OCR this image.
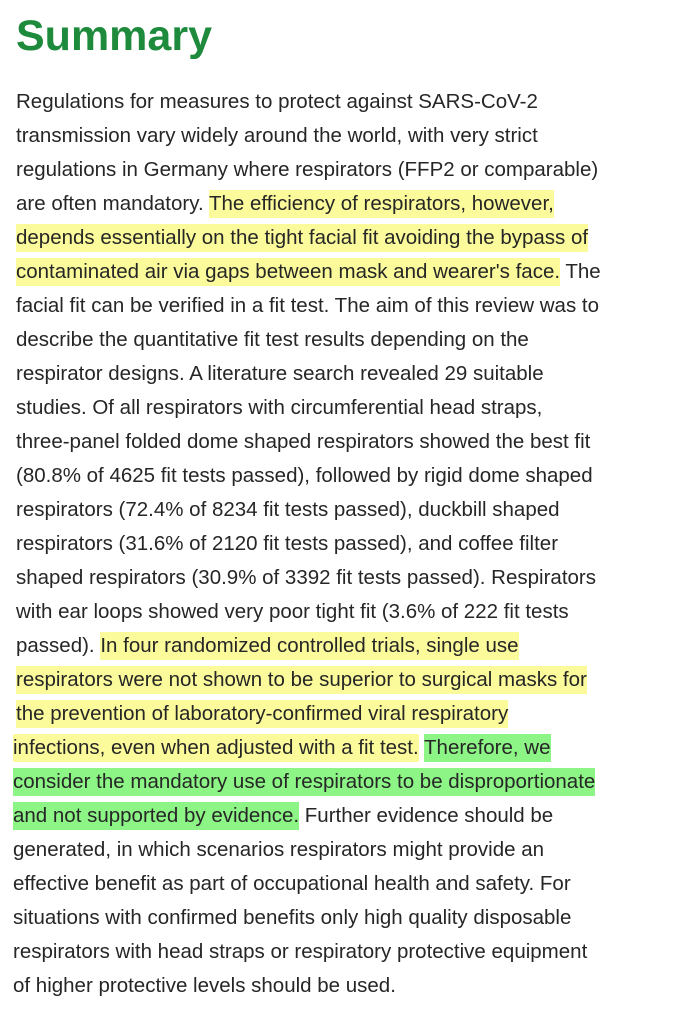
Summary

Regulations for measures to protect against SARS-CoV-2

transmission vary widely around the world, with very strict

regulations in Germany where respirators (FFP2 or comparable)

are often mandatory. The efficiency of respirators, however,

depends essentially on the tight facial fit avoiding the bypass of

contaminated air via gaps between mask and wearer's face. The

facial fit can be verified in a fit test. The aim of this review was to

describe the quantitative fit test results depending on the

respirator designs. A literature search revealed 29 suitable

studies. Of all respirators with circumferential head straps,

three-panel folded dome shaped respirators showed the best fit

(80.8% of 4625 fit tests passed), followed by rigid dome shaped

respirators (72.4% of 8234 fit tests passed), duckbill shaped

respirators (31.6% of 2120 fit tests passed), and coffee filter

shaped respirators (30.9% of 3392 fit tests passed). Respirators

with ear loops showed very poor tight fit (3.6% of 222 fit tests

passed). In four randomized controlled trials, single use

respirators were not shown to be superior to surgical masks for

the prevention of laboratory-confirmed viral respiratory

infections, even when adjusted with a fit test. Therefore, we

consider the mandatory use of respirators to be disproportionate

and not supported by evidence. Further evidence should be

generated, in which scenarios respirators might provide an

effective benefit as part of occupational health and safety. For

situations with confirmed benefits only high quality disposable

respirators with head straps or respiratory protective equipment

of higher protective levels should be used.
